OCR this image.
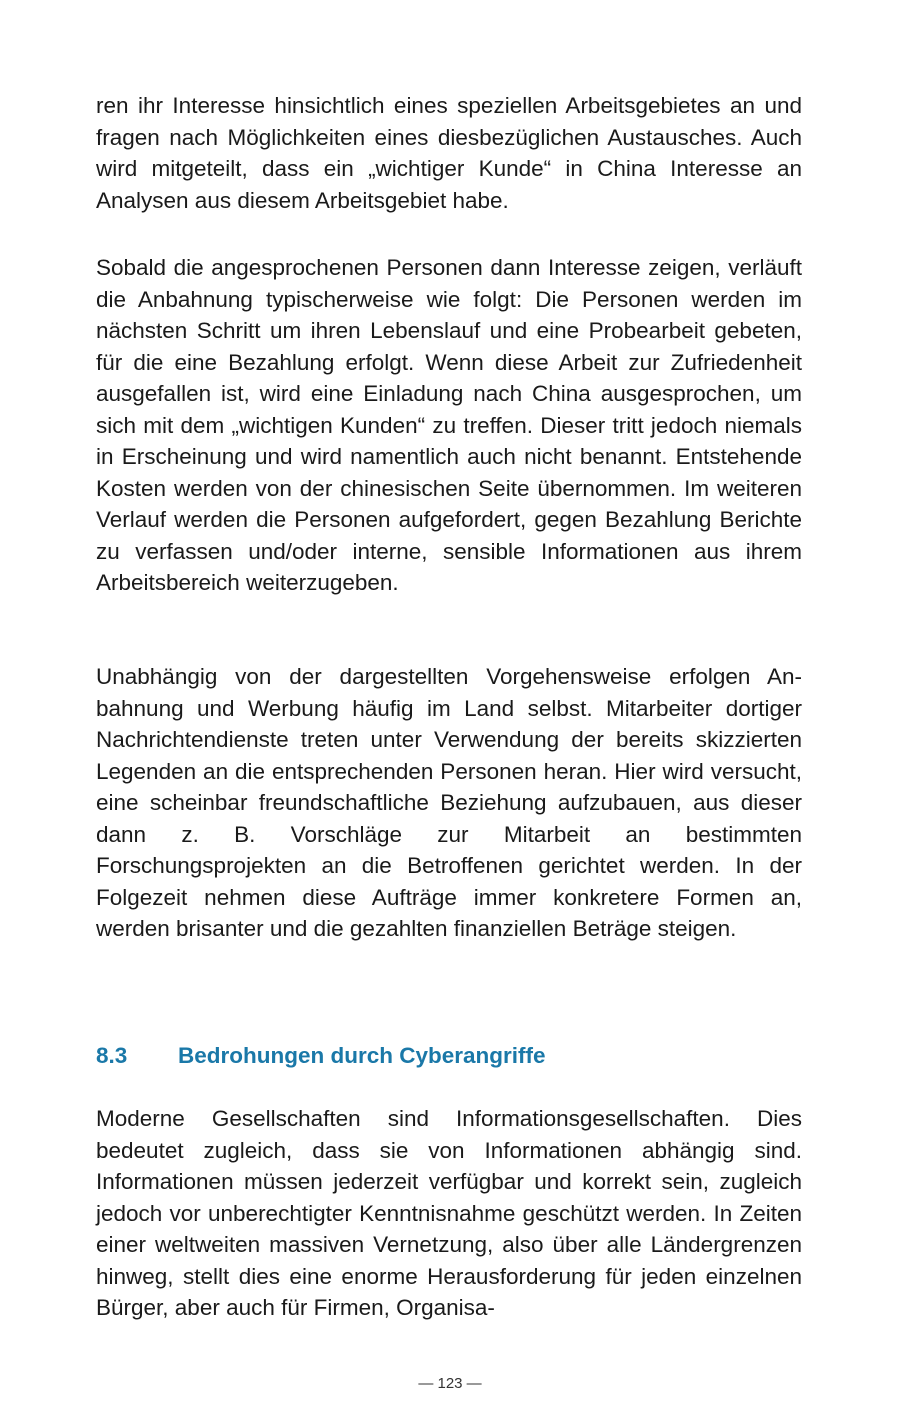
ren ihr Interesse hinsichtlich eines speziellen Arbeitsgebietes an und fragen nach Möglichkeiten eines diesbezüglichen Austausches. Auch wird mitgeteilt, dass ein „wichtiger Kunde“ in China Interesse an Analysen aus diesem Arbeitsgebiet habe.

Sobald die angesprochenen Personen dann Interesse zeigen, verläuft die Anbahnung typischerweise wie folgt: Die Personen werden im nächsten Schritt um ihren Lebenslauf und eine Probearbeit gebeten, für die eine Bezahlung erfolgt. Wenn diese Arbeit zur Zufriedenheit ausgefallen ist, wird eine Einladung nach China ausgesprochen, um sich mit dem „wichtigen Kunden“ zu treffen. Dieser tritt jedoch niemals in Erscheinung und wird namentlich auch nicht benannt. Entstehende Kosten werden von der chinesischen Seite übernommen. Im weiteren Verlauf werden die Personen aufgefordert, gegen Bezahlung Berichte zu verfassen und/​oder interne, sensible Informationen aus ihrem Arbeitsbereich weiterzugeben.

Unabhängig von der dargestellten Vorgehensweise erfolgen Anbahnung und Werbung häufig im Land selbst. Mitarbeiter dortiger Nachrichtendienste treten unter Verwendung der bereits skizzierten Legenden an die entsprechenden Personen heran. Hier wird versucht, eine scheinbar freundschaftliche Beziehung aufzubauen, aus dieser dann z. B. Vorschläge zur Mitarbeit an bestimmten Forschungsprojekten an die Betroffenen gerichtet werden. In der Folgezeit nehmen diese Aufträge immer konkretere Formen an, werden brisanter und die gezahlten finanziellen Beträge steigen.

8.3 Bedrohungen durch Cyberangriffe

Moderne Gesellschaften sind Informationsgesellschaften. Dies bedeutet zugleich, dass sie von Informationen abhängig sind. Informationen müssen jederzeit verfügbar und korrekt sein, zugleich jedoch vor unberechtigter Kenntnisnahme geschützt werden. In Zeiten einer weltweiten massiven Vernetzung, also über alle Ländergrenzen hinweg, stellt dies eine enorme Herausforderung für jeden einzelnen Bürger, aber auch für Firmen, Organisa-

— 123 —
